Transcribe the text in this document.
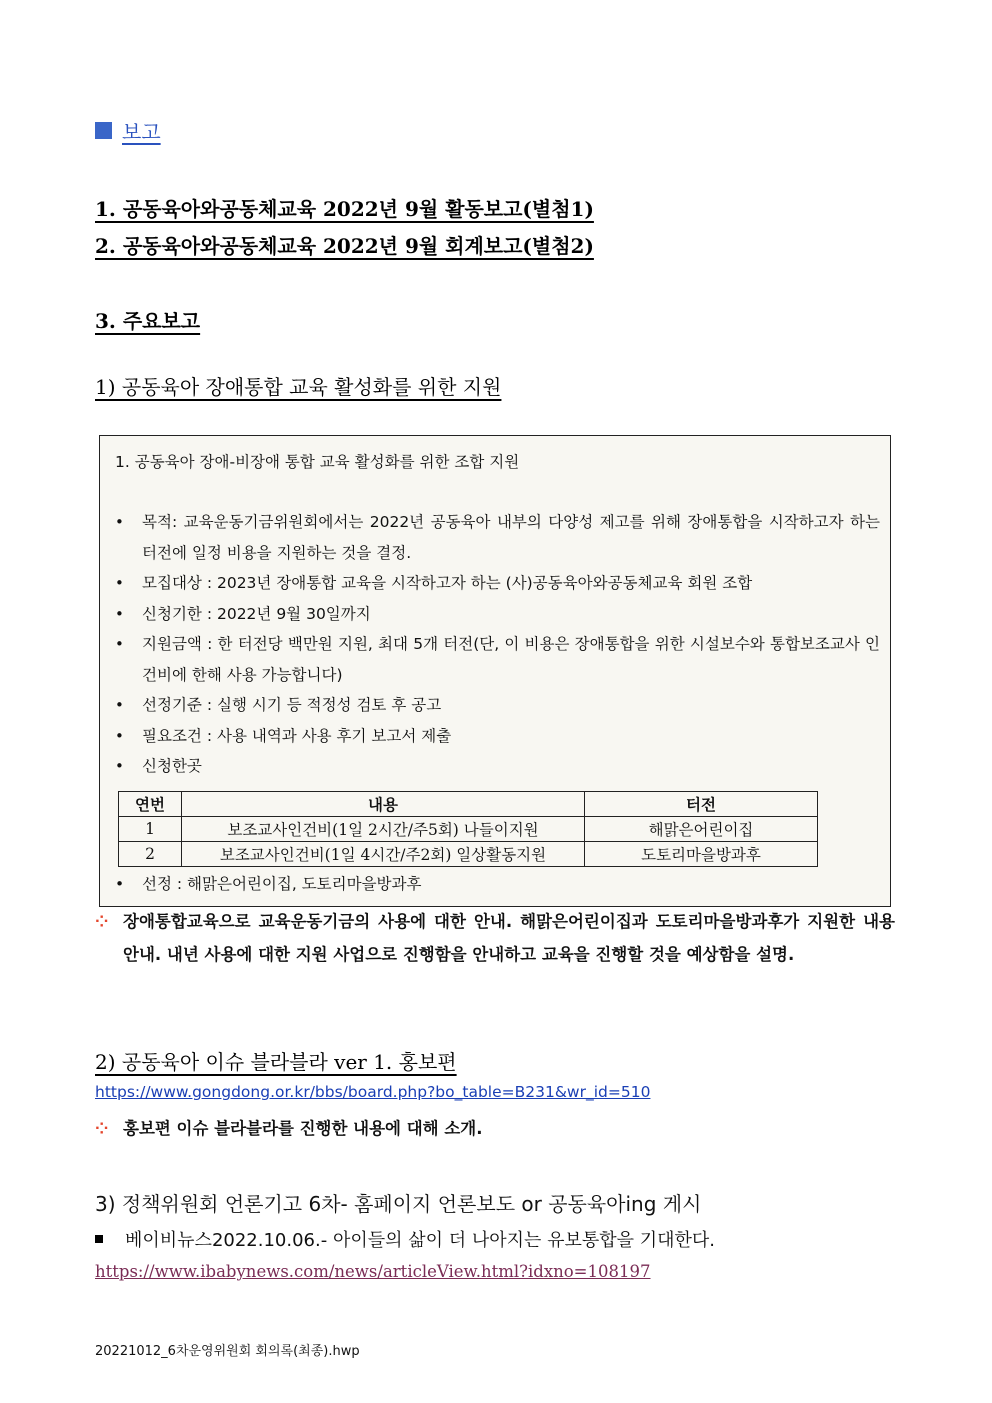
보고
1. 공동육아와공동체교육 2022년 9월 활동보고(별첨1)
2. 공동육아와공동체교육 2022년 9월 회계보고(별첨2)
3. 주요보고
1) 공동육아 장애통합 교육 활성화를 위한 지원
1. 공동육아 장애-비장애 통합 교육 활성화를 위한 조합 지원
• 목적: 교육운동기금위원회에서는 2022년 공동육아 내부의 다양성 제고를 위해 장애통합을 시작하고자 하는 터전에 일정 비용을 지원하는 것을 결정.
• 모집대상 : 2023년 장애통합 교육을 시작하고자 하는 (사)공동육아와공동체교육 회원 조합
• 신청기한 : 2022년 9월 30일까지
• 지원금액 : 한 터전당 백만원 지원, 최대 5개 터전(단, 이 비용은 장애통합을 위한 시설보수와 통합보조교사 인건비에 한해 사용 가능합니다)
• 선정기준 : 실행 시기 등 적정성 검토 후 공고
• 필요조건 : 사용 내역과 사용 후기 보고서 제출
• 신청한곳
연번	내용	터전
1	보조교사인건비(1일 2시간/주5회) 나들이지원	해맑은어린이집
2	보조교사인건비(1일 4시간/주2회) 일상활동지원	도토리마을방과후
• 선정 : 해맑은어린이집, 도토리마을방과후
⁘ 장애통합교육으로 교육운동기금의 사용에 대한 안내. 해맑은어린이집과 도토리마을방과후가 지원한 내용 안내. 내년 사용에 대한 지원 사업으로 진행함을 안내하고 교육을 진행할 것을 예상함을 설명.
2) 공동육아 이슈 블라블라 ver 1. 홍보편
https://www.gongdong.or.kr/bbs/board.php?bo_table=B231&wr_id=510
⁘ 홍보편 이슈 블라블라를 진행한 내용에 대해 소개.
3) 정책위원회 언론기고 6차- 홈페이지 언론보도 or 공동육아ing 게시
베이비뉴스2022.10.06.- 아이들의 삶이 더 나아지는 유보통합을 기대한다.
https://www.ibabynews.com/news/articleView.html?idxno=108197
20221012_6차운영위원회 회의록(최종).hwp
